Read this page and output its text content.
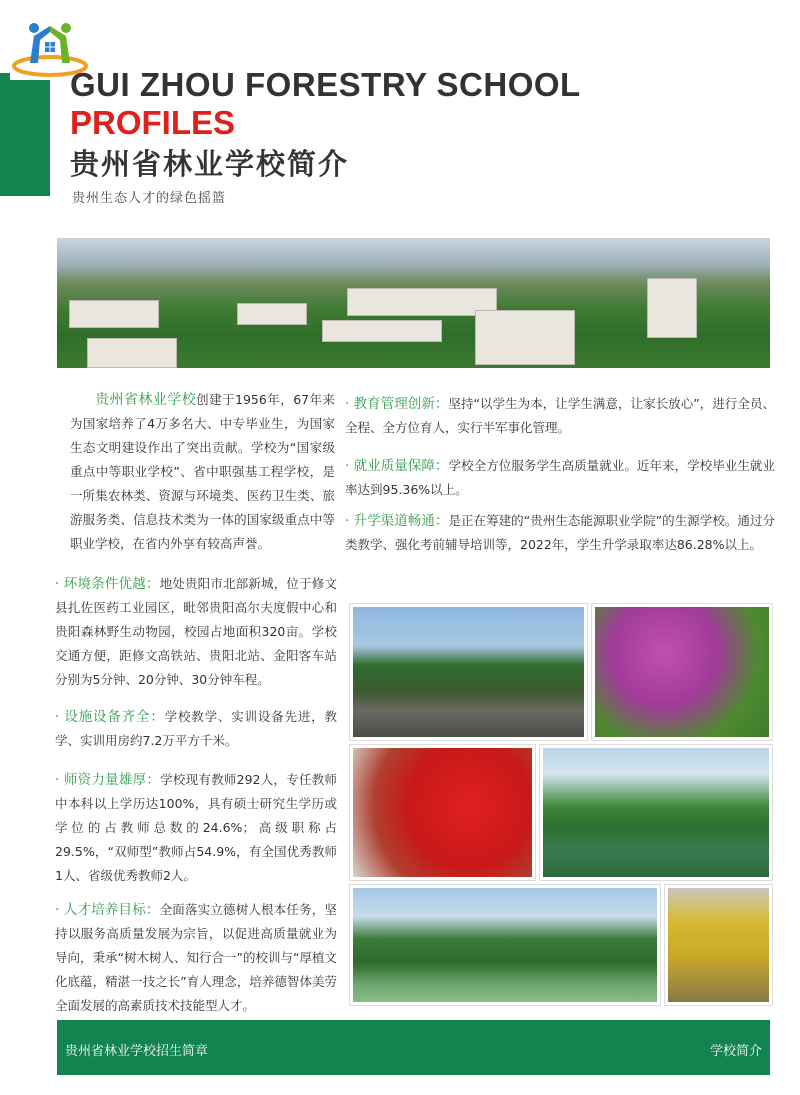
GUI ZHOU FORESTRY SCHOOL
PROFILES
贵州省林业学校简介
贵州生态人才的绿色摇篮
贵州省林业学校创建于1956年，67年来为国家培养了4万多名大、中专毕业生，为国家生态文明建设作出了突出贡献。学校为“国家级重点中等职业学校”、省中职强基工程学校，是一所集农林类、资源与环境类、医药卫生类、旅游服务类、信息技术类为一体的国家级重点中等职业学校，在省内外享有较高声誉。
· 教育管理创新：坚持“以学生为本，让学生满意，让家长放心”，进行全员、全程、全方位育人，实行半军事化管理。
· 就业质量保障：学校全方位服务学生高质量就业。近年来，学校毕业生就业率达到95.36%以上。
· 升学渠道畅通：是正在筹建的“贵州生态能源职业学院”的生源学校。通过分类教学、强化考前辅导培训等，2022年，学生升学录取率达86.28%以上。
· 环境条件优越：地处贵阳市北部新城，位于修文县扎佐医药工业园区，毗邻贵阳高尔夫度假中心和贵阳森林野生动物园，校园占地面积320亩。学校交通方便，距修文高铁站、贵阳北站、金阳客车站分别为5分钟、20分钟、30分钟车程。
· 设施设备齐全：学校教学、实训设备先进，教学、实训用房约7.2万平方千米。
· 师资力量雄厚：学校现有教师292人，专任教师中本科以上学历达100%，具有硕士研究生学历或学位的占教师总数的24.6%；高级职称占29.5%，“双师型”教师占54.9%，有全国优秀教师1人、省级优秀教师2人。
· 人才培养目标：全面落实立德树人根本任务，坚持以服务高质量发展为宗旨，以促进高质量就业为导向，秉承“树木树人、知行合一”的校训与“厚植文化底蕴，精湛一技之长”育人理念，培养德智体美劳全面发展的高素质技术技能型人才。
贵州省林业学校招生简章	学校简介
